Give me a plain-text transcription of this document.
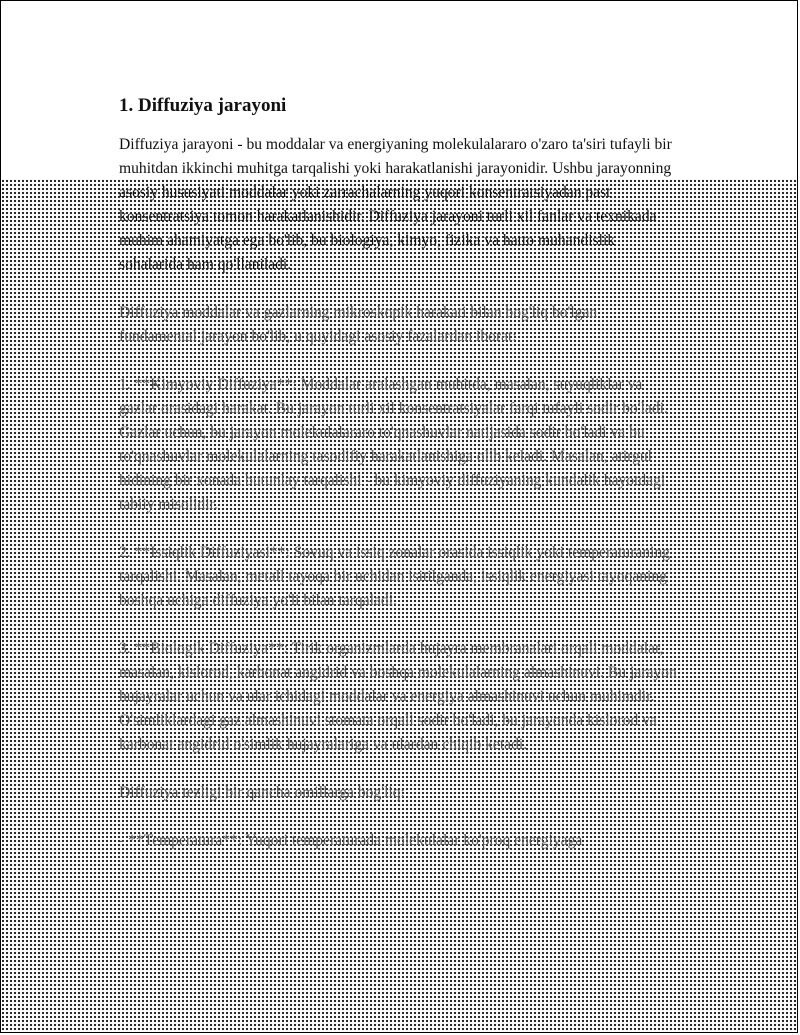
1. Diffuziya jarayoni

Diffuziya jarayoni - bu moddalar va energiyaning molekulalararo o'zaro ta'siri tufayli bir muhitdan ikkinchi muhitga tarqalishi yoki harakatlanishi jarayonidir. Ushbu jarayonning asosiy hususiyati moddalar yoki zarrachalarning yuqori konsentratsiyadan past konsentratsiya tomon harakatlanishidir. Diffuziya jarayoni turli xil fanlar va texnikada muhim ahamiyatga ega bo'lib, bu biologiya, kimyo, fizika va hatto muhandislik sohalarida ham qo'llaniladi.

Diffuziya moddalar va gazlarning mikroskopik harakati bilan bog'liq bo'lgan fundamental jarayon bo'lib, u quyidagi asosiy fazalardan iborat:

1. **Kimyoviy Diffuziya**: Moddalar aralashgan muhitda, masalan, suyuqliklar va gazlar orasidagi harakat. Bu jarayon turli xil konsentratsiyalar farqi tufayli sodir bo'ladi. Gazlar uchun, bu jarayon molekulalararo to'qnashuvlar natijasida sodir bo'ladi va bu to'qnashuvlar molekulalarning tasodifiy harakatlanishiga olib keladi. Masalan, atirgul hidining bir xonada butunlay tarqalishi - bu kimyoviy diffuziyaning kundalik hayotdagi tabiiy misolidir.

2. **Issiqlik Diffuziyasi**: Sovuq va issiq zonalar orasida issiqlik yoki temperaturaning tarqalishi. Masalan, metall tayoqa bir uchidan isitilganda, issiqlik energiyasi tayoqaning boshqa uchiga diffuziya yo'li bilan tarqaladi.

3. **Biologik Diffuziya**: Tirik organizmlarda hujayra membranalari orqali moddalar, masalan, kislorod, karbonat angidrid va boshqa molekulalarning almashinuvi. Bu jarayon hujayralar uchun va ular ichidagi moddalar va energiya almashinuvi uchun muhimdir. O'simliklardagi gaz almashinuvi stomata orqali sodir bo'ladi, bu jarayonda kislorod va karbonat angidrid o'simlik hujayralariga va ulardan chiqib ketadi.

Diffuziya tezligi bir qancha omillarga bog'liq:

- **Temperatura**: Yuqori temperaturada molekulalar ko'proq energiyaga
